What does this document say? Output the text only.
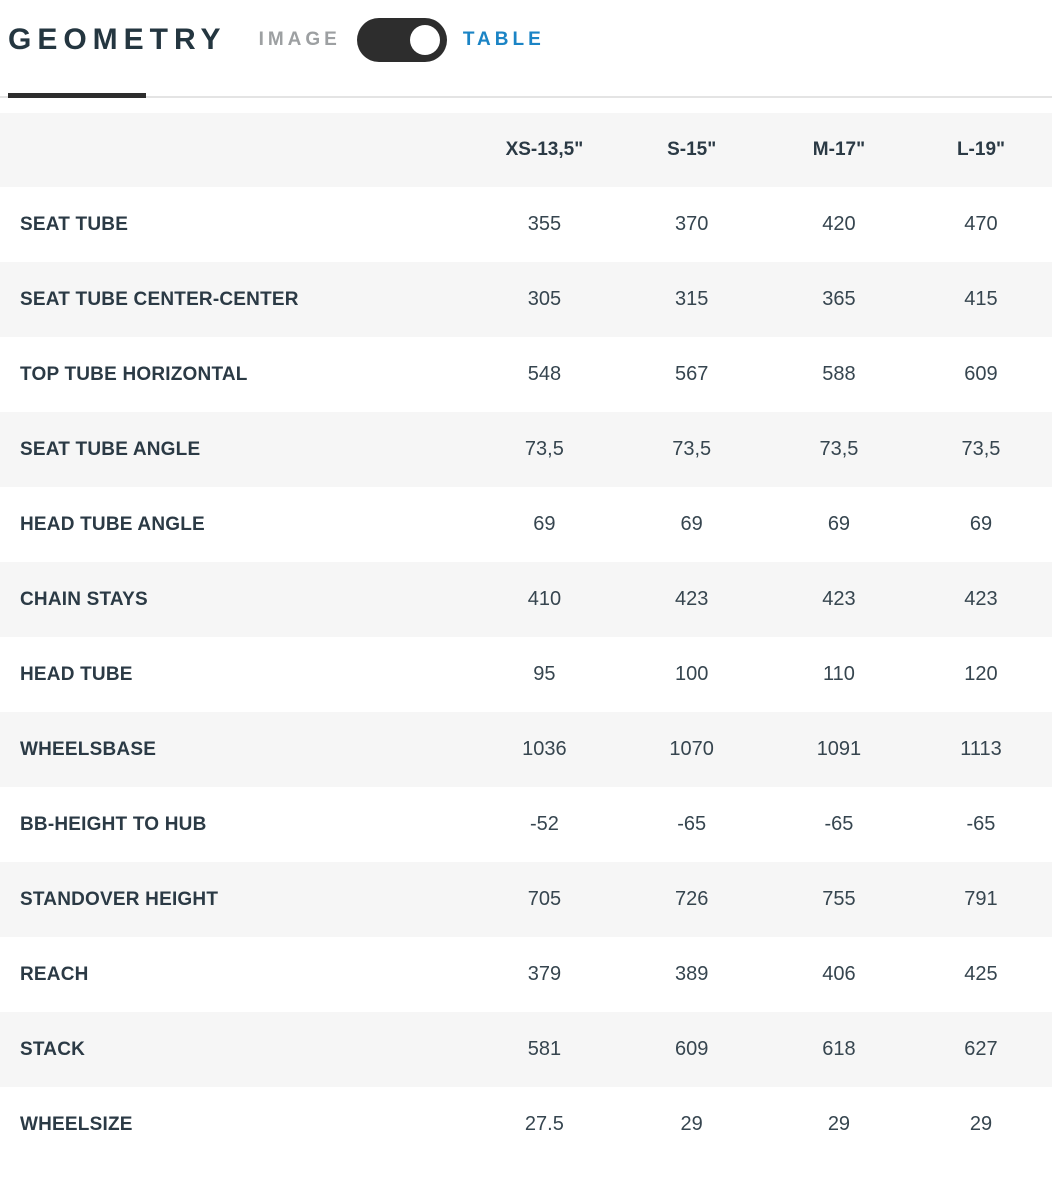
GEOMETRY IMAGE	TABLE
	XS-13,5"	S-15"	M-17"	L-19"
SEAT TUBE	355	370	420	470
SEAT TUBE CENTER-CENTER	305	315	365	415
TOP TUBE HORIZONTAL	548	567	588	609
SEAT TUBE ANGLE	73,5	73,5	73,5	73,5
HEAD TUBE ANGLE	69	69	69	69
CHAIN STAYS	410	423	423	423
HEAD TUBE	95	100	110	120
WHEELSBASE	1036	1070	1091	1113
BB-HEIGHT TO HUB	-52	-65	-65	-65
STANDOVER HEIGHT	705	726	755	791
REACH	379	389	406	425
STACK	581	609	618	627
WHEELSIZE	27.5	29	29	29
